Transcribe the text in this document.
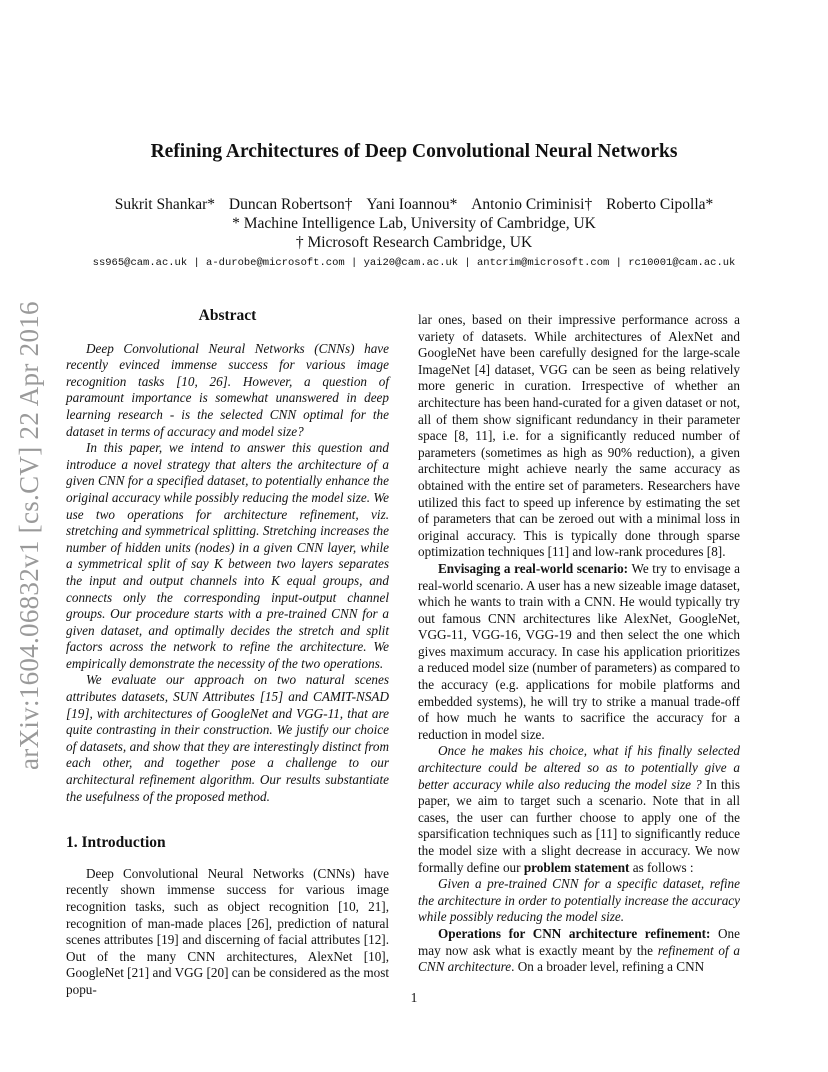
arXiv:1604.06832v1 [cs.CV] 22 Apr 2016
Refining Architectures of Deep Convolutional Neural Networks
Sukrit Shankar* Duncan Robertson† Yani Ioannou* Antonio Criminisi† Roberto Cipolla*
* Machine Intelligence Lab, University of Cambridge, UK
† Microsoft Research Cambridge, UK
ss965@cam.ac.uk | a-durobe@microsoft.com | yai20@cam.ac.uk | antcrim@microsoft.com | rc10001@cam.ac.uk

Abstract

Deep Convolutional Neural Networks (CNNs) have recently evinced immense success for various image recognition tasks [10, 26]. However, a question of paramount importance is somewhat unanswered in deep learning research - is the selected CNN optimal for the dataset in terms of accuracy and model size?

In this paper, we intend to answer this question and introduce a novel strategy that alters the architecture of a given CNN for a specified dataset, to potentially enhance the original accuracy while possibly reducing the model size. We use two operations for architecture refinement, viz. stretching and symmetrical splitting. Stretching increases the number of hidden units (nodes) in a given CNN layer, while a symmetrical split of say K between two layers separates the input and output channels into K equal groups, and connects only the corresponding input-output channel groups. Our procedure starts with a pre-trained CNN for a given dataset, and optimally decides the stretch and split factors across the network to refine the architecture. We empirically demonstrate the necessity of the two operations.

We evaluate our approach on two natural scenes attributes datasets, SUN Attributes [15] and CAMIT-NSAD [19], with architectures of GoogleNet and VGG-11, that are quite contrasting in their construction. We justify our choice of datasets, and show that they are interestingly distinct from each other, and together pose a challenge to our architectural refinement algorithm. Our results substantiate the usefulness of the proposed method.

1. Introduction

Deep Convolutional Neural Networks (CNNs) have recently shown immense success for various image recognition tasks, such as object recognition [10, 21], recognition of man-made places [26], prediction of natural scenes attributes [19] and discerning of facial attributes [12]. Out of the many CNN architectures, AlexNet [10], GoogleNet [21] and VGG [20] can be considered as the most popu-

lar ones, based on their impressive performance across a variety of datasets. While architectures of AlexNet and GoogleNet have been carefully designed for the large-scale ImageNet [4] dataset, VGG can be seen as being relatively more generic in curation. Irrespective of whether an architecture has been hand-curated for a given dataset or not, all of them show significant redundancy in their parameter space [8, 11], i.e. for a significantly reduced number of parameters (sometimes as high as 90% reduction), a given architecture might achieve nearly the same accuracy as obtained with the entire set of parameters. Researchers have utilized this fact to speed up inference by estimating the set of parameters that can be zeroed out with a minimal loss in original accuracy. This is typically done through sparse optimization techniques [11] and low-rank procedures [8].

Envisaging a real-world scenario: We try to envisage a real-world scenario. A user has a new sizeable image dataset, which he wants to train with a CNN. He would typically try out famous CNN architectures like AlexNet, GoogleNet, VGG-11, VGG-16, VGG-19 and then select the one which gives maximum accuracy. In case his application prioritizes a reduced model size (number of parameters) as compared to the accuracy (e.g. applications for mobile platforms and embedded systems), he will try to strike a manual trade-off of how much he wants to sacrifice the accuracy for a reduction in model size.

Once he makes his choice, what if his finally selected architecture could be altered so as to potentially give a better accuracy while also reducing the model size ? In this paper, we aim to target such a scenario. Note that in all cases, the user can further choose to apply one of the sparsification techniques such as [11] to significantly reduce the model size with a slight decrease in accuracy. We now formally define our problem statement as follows :

Given a pre-trained CNN for a specific dataset, refine the architecture in order to potentially increase the accuracy while possibly reducing the model size.

Operations for CNN architecture refinement: One may now ask what is exactly meant by the refinement of a CNN architecture. On a broader level, refining a CNN

1
